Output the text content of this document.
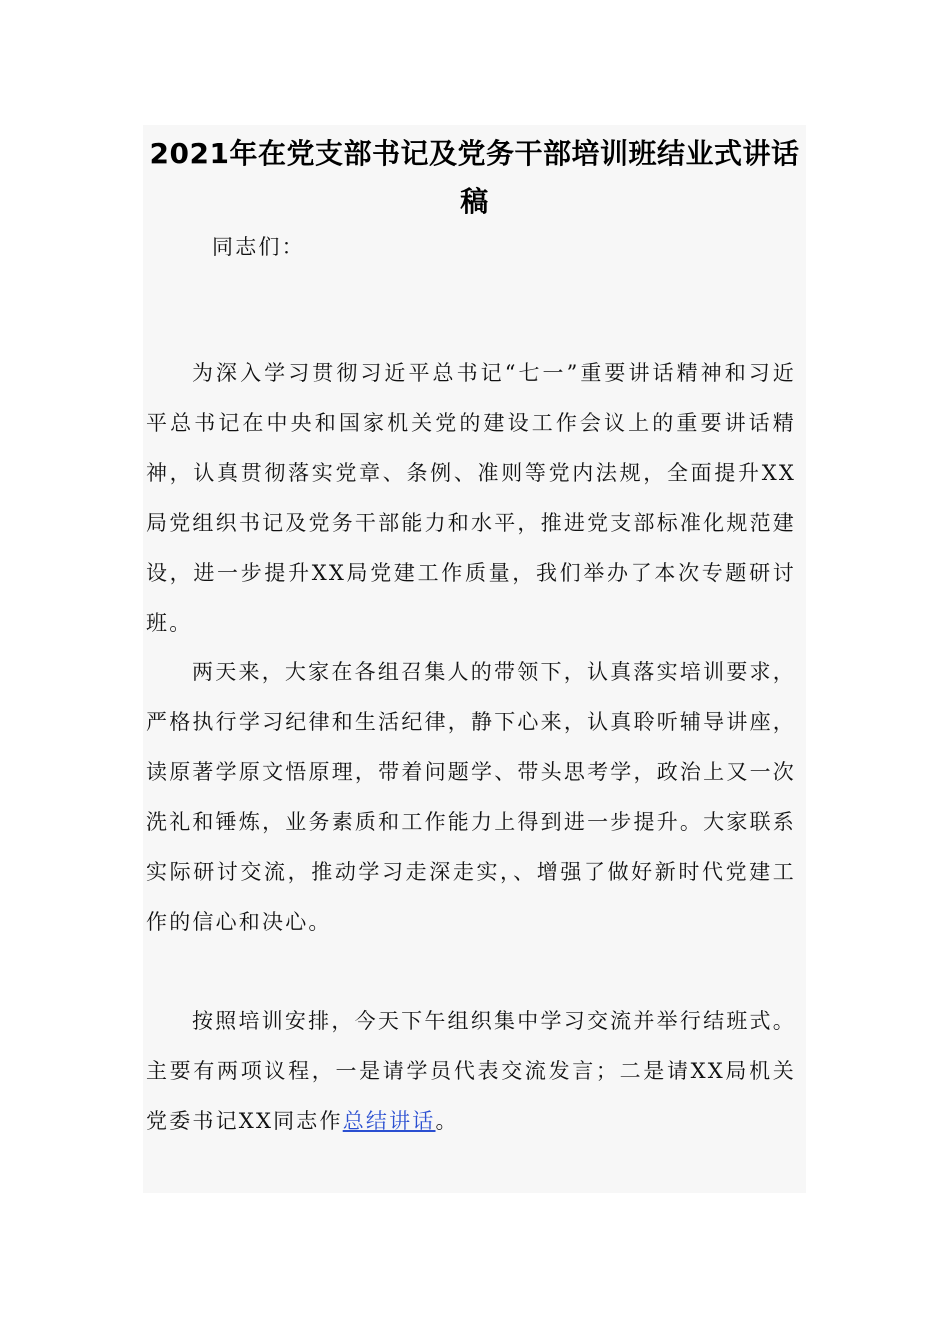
2021年在党支部书记及党务干部培训班结业式讲话稿

同志们：

为深入学习贯彻习近平总书记“七一”重要讲话精神和习近平总书记在中央和国家机关党的建设工作会议上的重要讲话精神，认真贯彻落实党章、条例、准则等党内法规，全面提升XX局党组织书记及党务干部能力和水平，推进党支部标准化规范建设，进一步提升XX局党建工作质量，我们举办了本次专题研讨班。

两天来，大家在各组召集人的带领下，认真落实培训要求，严格执行学习纪律和生活纪律，静下心来，认真聆听辅导讲座，读原著学原文悟原理，带着问题学、带头思考学，政治上又一次洗礼和锤炼，业务素质和工作能力上得到进一步提升。大家联系实际研讨交流，推动学习走深走实，、增强了做好新时代党建工作的信心和决心。

按照培训安排，今天下午组织集中学习交流并举行结班式。主要有两项议程，一是请学员代表交流发言；二是请XX局机关党委书记XX同志作总结讲话。
